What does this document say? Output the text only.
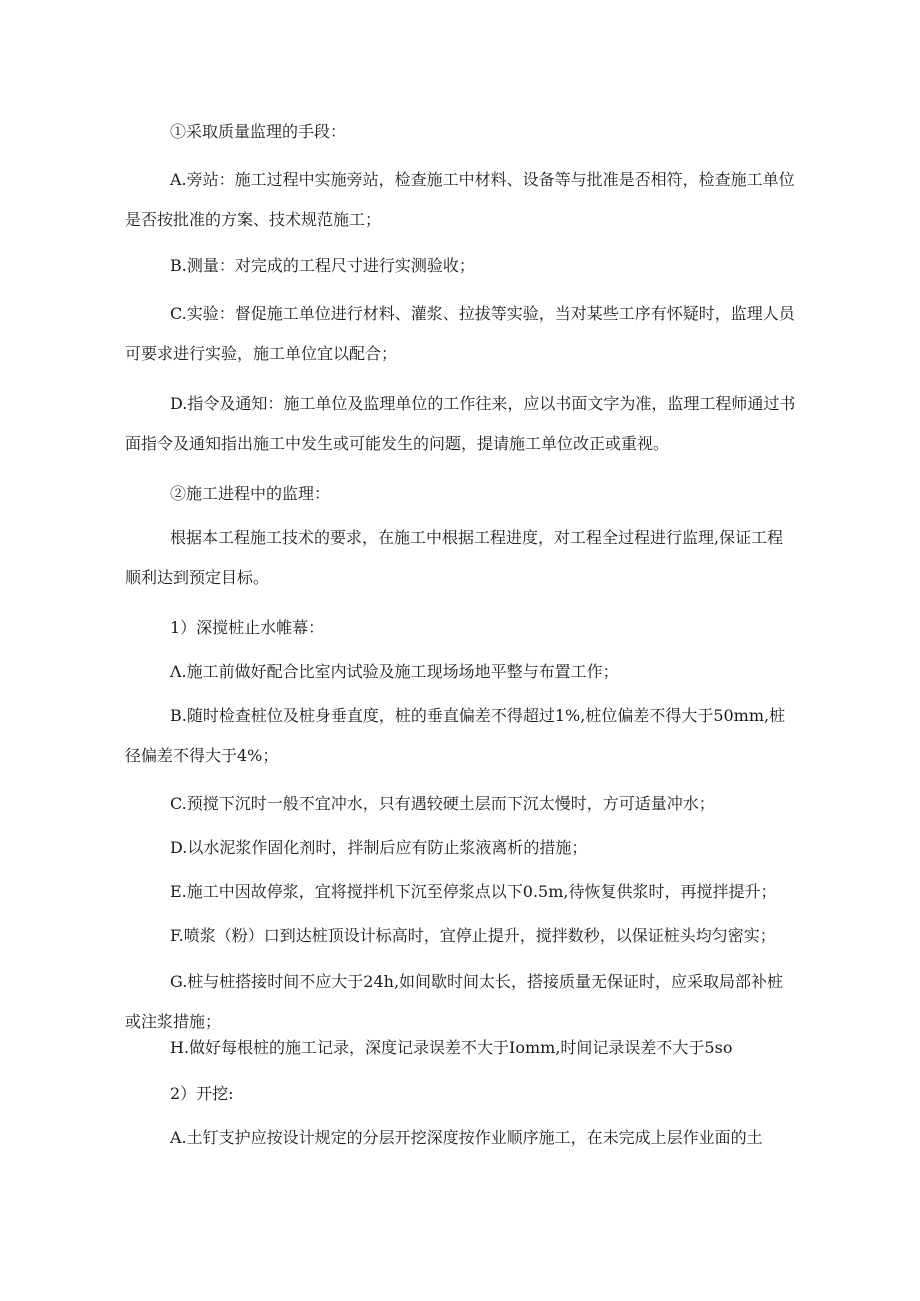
①采取质量监理的手段：

A.旁站：施工过程中实施旁站，检查施工中材料、设备等与批准是否相符，检查施工单位是否按批准的方案、技术规范施工；

B.测量：对完成的工程尺寸进行实测验收；

C.实验：督促施工单位进行材料、灌浆、拉拔等实验，当对某些工序有怀疑时，监理人员可要求进行实验，施工单位宜以配合；

D.指令及通知：施工单位及监理单位的工作往来，应以书面文字为准，监理工程师通过书面指令及通知指出施工中发生或可能发生的问题，提请施工单位改正或重视。

②施工进程中的监理：

根据本工程施工技术的要求，在施工中根据工程进度，对工程全过程进行监理,保证工程顺利达到预定目标。

1）深搅桩止水帷幕：

Λ.施工前做好配合比室内试验及施工现场场地平整与布置工作；

B.随时检查桩位及桩身垂直度，桩的垂直偏差不得超过1%,桩位偏差不得大于50mm,桩径偏差不得大于4%；

C.预搅下沉时一般不宜冲水，只有遇较硬土层而下沉太慢时，方可适量冲水；

D.以水泥浆作固化剂时，拌制后应有防止浆液离析的措施；

E.施工中因故停浆，宜将搅拌机下沉至停浆点以下0.5m,待恢复供浆时，再搅拌提升；

F.喷浆（粉）口到达桩顶设计标高时，宜停止提升，搅拌数秒，以保证桩头均匀密实；

G.桩与桩搭接时间不应大于24h,如间歇时间太长，搭接质量无保证时，应采取局部补桩或注浆措施；

H.做好每根桩的施工记录，深度记录误差不大于Iomm,时间记录误差不大于5so

2）开挖:

A.土钉支护应按设计规定的分层开挖深度按作业顺序施工，在未完成上层作业面的土
